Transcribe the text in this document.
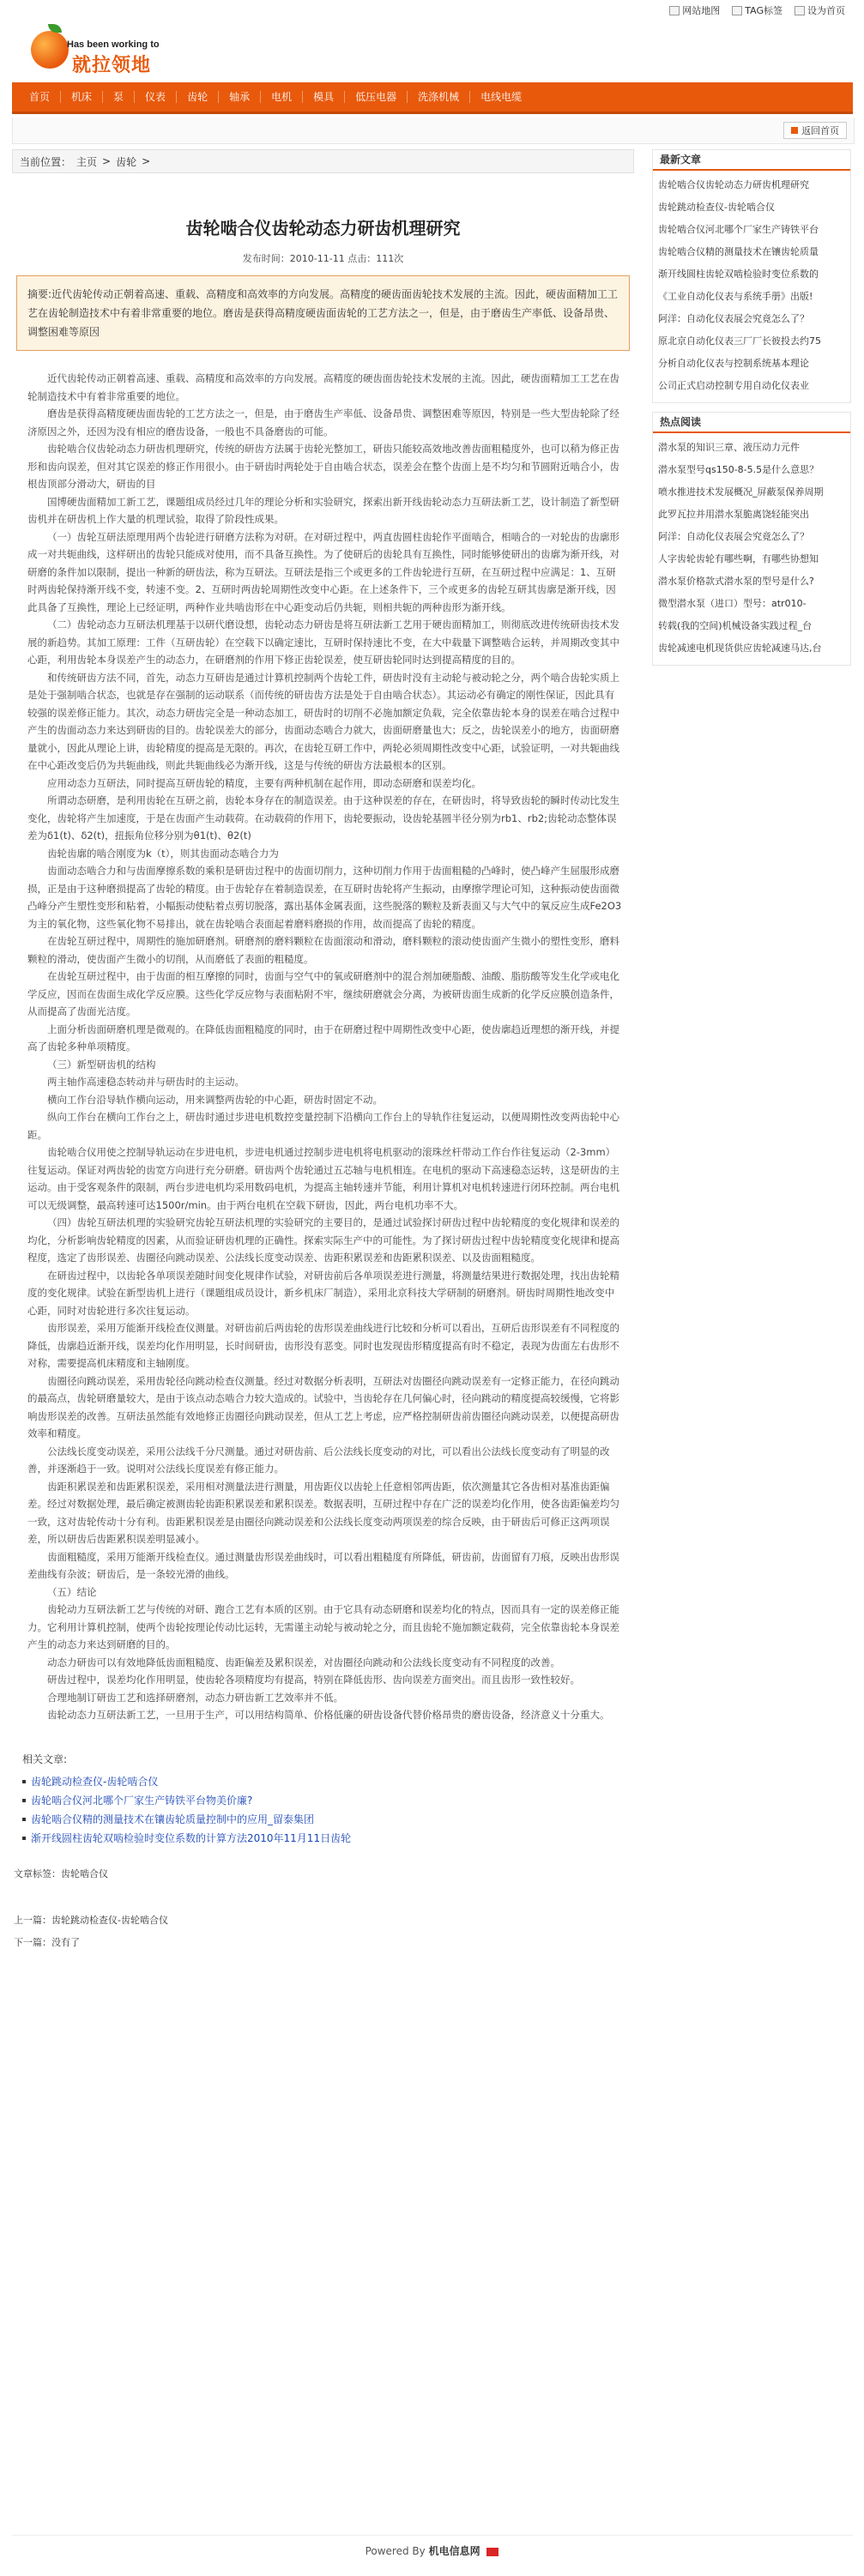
网站地图	TAG标签	设为首页
Has been working to
就拉领地
首页	机床	泵	仪表	齿轮	轴承	电机	模具	低压电器	洗涤机械	电线电缆
返回首页
当前位置： 主页 > 齿轮 >
齿轮啮合仪齿轮动态力研齿机理研究
发布时间：2010-11-11 点击：111次
摘要:近代齿轮传动正朝着高速、重载、高精度和高效率的方向发展。高精度的硬齿面齿轮技术发展的主流。因此，硬齿面精加工工艺在齿轮制造技术中有着非常重要的地位。磨齿是获得高精度硬齿面齿轮的工艺方法之一，但是，由于磨齿生产率低、设备昂贵、调整困难等原因

近代齿轮传动正朝着高速、重载、高精度和高效率的方向发展。高精度的硬齿面齿轮技术发展的主流。因此，硬齿面精加工工艺在齿轮制造技术中有着非常重要的地位。

磨齿是获得高精度硬齿面齿轮的工艺方法之一，但是，由于磨齿生产率低、设备昂贵、调整困难等原因，特别是一些大型齿轮除了经济原因之外，还因为没有相应的磨齿设备，一般也不具备磨齿的可能。

齿轮啮合仪齿轮动态力研齿机理研究，传统的研齿方法属于齿轮光整加工，研齿只能较高效地改善齿面粗糙度外，也可以稍为修正齿形和齿向误差，但对其它误差的修正作用很小。由于研齿时两轮处于自由啮合状态，误差会在整个齿面上是不均匀和节圆附近啮合小，齿根齿顶部分滑动大，研齿的目

国博硬齿面精加工新工艺，课题组成员经过几年的理论分析和实验研究，探索出新开线齿轮动态力互研法新工艺，设计制造了新型研齿机并在研齿机上作大量的机理试验，取得了阶段性成果。

（一）齿轮互研法原理用两个齿轮进行研磨方法称为对研。在对研过程中，两直齿圆柱齿轮作平面啮合，相啮合的一对轮齿的齿廓形成一对共轭曲线，这样研出的齿轮只能成对使用，而不具备互换性。为了使研后的齿轮具有互换性，同时能够使研出的齿廓为渐开线，对研磨的条件加以限制，提出一种新的研齿法，称为互研法。互研法是指三个或更多的工件齿轮进行互研，在互研过程中应满足：1、互研时两齿轮保持渐开线不变，转速不变。2、互研时两齿轮周期性改变中心距。在上述条件下，三个或更多的齿轮互研其齿廓是渐开线，因此具备了互换性，理论上已经证明，两种作业共啮齿形在中心距变动后仍共轭，则相共轭的两种齿形为渐开线。

（二）齿轮动态力互研法机理基于以研代磨设想，齿轮动态力研齿是将互研法新工艺用于硬齿面精加工，则彻底改进传统研齿技术发展的新趋势。其加工原理：工件（互研齿轮）在空载下以确定速比，互研时保持速比不变，在大中载量下调整啮合运转，并周期改变其中心距，利用齿轮本身误差产生的动态力，在研磨剂的作用下修正齿轮误差，使互研齿轮同时达到提高精度的目的。

和传统研齿方法不同，首先，动态力互研齿是通过计算机控制两个齿轮工件，研齿时没有主动轮与被动轮之分，两个啮合齿轮实质上是处于强制啮合状态，也就是存在强制的运动联系（而传统的研齿齿方法是处于自由啮合状态）。其运动必有确定的刚性保证，因此具有较强的误差修正能力。其次，动态力研齿完全是一种动态加工，研齿时的切削不必施加额定负载，完全依靠齿轮本身的误差在啮合过程中产生的齿面动态力来达到研齿的目的。齿轮误差大的部分，齿面动态啮合力就大，齿面研磨量也大；反之，齿轮误差小的地方，齿面研磨量就小，因此从理论上讲，齿轮精度的提高是无限的。再次，在齿轮互研工作中，两轮必须周期性改变中心距，试验证明，一对共轭曲线在中心距改变后仍为共轭曲线，则此共轭曲线必为渐开线，这是与传统的研齿方法最根本的区别。

应用动态力互研法，同时提高互研齿轮的精度，主要有两种机制在起作用，即动态研磨和误差均化。

所谓动态研磨，是利用齿轮在互研之前，齿轮本身存在的制造误差。由于这种误差的存在，在研齿时，将导致齿轮的瞬时传动比发生变化，齿轮将产生加速度，于是在齿面产生动载荷。在动载荷的作用下，齿轮要振动，设齿轮基圆半径分别为rb1、rb2;齿轮动态整体误差为δ1(t)、δ2(t)，扭振角位移分别为θ1(t)、θ2(t)

齿轮齿廓的啮合刚度为k（t），则其齿面动态啮合力为

齿面动态啮合力和与齿面摩擦系数的乘积是研齿过程中的齿面切削力，这种切削力作用于齿面粗糙的凸峰时，使凸峰产生屈服形成磨损，正是由于这种磨损提高了齿轮的精度。由于齿轮存在着制造误差，在互研时齿轮将产生振动，由摩擦学理论可知，这种振动使齿面微凸峰分产生塑性变形和粘着，小幅振动使粘着点剪切脱落，露出基体金属表面，这些脱落的颗粒及新表面又与大气中的氧反应生成Fe2O3为主的氧化物，这些氧化物不易排出，就在齿轮啮合表面起着磨料磨损的作用，故而提高了齿轮的精度。

在齿轮互研过程中，周期性的施加研磨剂。研磨剂的磨料颗粒在齿面滚动和滑动，磨料颗粒的滚动使齿面产生微小的塑性变形，磨料颗粒的滑动，使齿面产生微小的切削，从而磨低了表面的粗糙度。

在齿轮互研过程中，由于齿面的相互摩擦的同时，齿面与空气中的氧或研磨剂中的混合剂加硬脂酸、油酸、脂肪酸等发生化学或电化学反应，因而在齿面生成化学反应膜。这些化学反应物与表面粘附不牢，继续研磨就会分离，为被研齿面生成新的化学反应膜创造条件，从而提高了齿面光洁度。

上面分析齿面研磨机理是微观的。在降低齿面粗糙度的同时，由于在研磨过程中周期性改变中心距，使齿廓趋近理想的渐开线，并提高了齿轮多种单项精度。

（三）新型研齿机的结构

两主轴作高速稳态转动并与研齿时的主运动。

横向工作台沿导轨作横向运动，用来调整两齿轮的中心距，研齿时固定不动。

纵向工作台在横向工作台之上，研齿时通过步进电机数控变量控制下沿横向工作台上的导轨作往复运动，以便周期性改变两齿轮中心距。

齿轮啮合仪用使之控制导轨运动在步进电机，步进电机通过控制步进电机将电机驱动的滚珠丝杆带动工作台作往复运动（2-3mm）往复运动。保证对两齿轮的齿宽方向进行充分研磨。研齿两个齿轮通过五芯轴与电机相连。在电机的驱动下高速稳态运转，这是研齿的主运动。由于受客观条件的限制，两台步进电机均采用数码电机，为提高主轴转速并节能，利用计算机对电机转速进行闭环控制。两台电机可以无级调整，最高转速可达1500r/min。由于两台电机在空载下研齿，因此，两台电机功率不大。

（四）齿轮互研法机理的实验研究齿轮互研法机理的实验研究的主要目的，是通过试验探讨研齿过程中齿轮精度的变化规律和误差的均化，分析影响齿轮精度的因素，从而验证研齿机理的正确性。探索实际生产中的可能性。为了探讨研齿过程中齿轮精度变化规律和提高程度，选定了齿形误差、齿圈径向跳动误差、公法线长度变动误差、齿距积累误差和齿距累积误差、以及齿面粗糙度。

在研齿过程中，以齿轮各单项误差随时间变化规律作试验，对研齿前后各单项误差进行测量，将测量结果进行数据处理，找出齿轮精度的变化规律。试验在新型齿机上进行（课题组成员设计，新乡机床厂制造），采用北京科技大学研制的研磨剂。研齿时周期性地改变中心距，同时对齿轮进行多次往复运动。

齿形误差，采用万能渐开线检查仪测量。对研齿前后两齿轮的齿形误差曲线进行比较和分析可以看出，互研后齿形误差有不同程度的降低，齿廓趋近渐开线，误差均化作用明显，长时间研齿，齿形没有恶变。同时也发现齿形精度提高有时不稳定，表现为齿面左右齿形不对称，需要提高机床精度和主轴刚度。

齿圈径向跳动误差，采用齿轮径向跳动检查仪测量。经过对数据分析表明，互研法对齿圈径向跳动误差有一定修正能力，在径向跳动的最高点，齿轮研磨量较大，是由于该点动态啮合力较大造成的。试验中，当齿轮存在几何偏心时，径向跳动的精度提高较缓慢，它将影响齿形误差的改善。互研法虽然能有效地修正齿圈径向跳动误差，但从工艺上考虑，应严格控制研齿前齿圈径向跳动误差，以便提高研齿效率和精度。

公法线长度变动误差，采用公法线千分尺测量。通过对研齿前、后公法线长度变动的对比，可以看出公法线长度变动有了明显的改善，并逐渐趋于一致。说明对公法线长度误差有修正能力。

齿距积累误差和齿距累积误差，采用相对测量法进行测量，用齿距仪以齿轮上任意相邻两齿距，依次测量其它各齿相对基准齿距偏差。经过对数据处理，最后确定被测齿轮齿距积累误差和累积误差。数据表明，互研过程中存在广泛的误差均化作用，使各齿距偏差均匀一致，这对齿轮传动十分有利。齿距累积误差是由圈径向跳动误差和公法线长度变动两项误差的综合反映，由于研齿后可修正这两项误差，所以研齿后齿距累积误差明显减小。

齿面粗糙度，采用万能渐开线检查仪。通过测量齿形误差曲线时，可以看出粗糙度有所降低，研齿前，齿面留有刀痕，反映出齿形误差曲线有杂波；研齿后，是一条较光滑的曲线。

（五）结论

齿轮动力互研法新工艺与传统的对研、跑合工艺有本质的区别。由于它具有动态研磨和误差均化的特点，因而具有一定的误差修正能力。它利用计算机控制，使两个齿轮按理论传动比运转，无需谨主动轮与被动轮之分，而且齿轮不施加额定载荷，完全依靠齿轮本身误差产生的动态力来达到研磨的目的。

动态力研齿可以有效地降低齿面粗糙度、齿距偏差及累积误差，对齿圈径向跳动和公法线长度变动有不同程度的改善。

研齿过程中，误差均化作用明显，使齿轮各项精度均有提高，特别在降低齿形、齿向误差方面突出。而且齿形一致性较好。

合理地制订研齿工艺和选择研磨剂，动态力研齿新工艺效率并不低。

齿轮动态力互研法新工艺，一旦用于生产，可以用结构简单、价格低廉的研齿设备代替价格昂贵的磨齿设备，经济意义十分重大。

相关文章:
齿轮跳动检查仪-齿轮啮合仪
齿轮啮合仪河北哪个厂家生产铸铁平台物美价廉?
齿轮啮合仪精的测量技术在镶齿轮质量控制中的应用_留泰集团
渐开线圆柱齿轮双啮检验时变位系数的计算方法2010年11月11日齿轮
文章标签：齿轮啮合仪
上一篇：齿轮跳动检查仪-齿轮啮合仪
下一篇：没有了
最新文章
齿轮啮合仪齿轮动态力研齿机理研究
齿轮跳动检查仪-齿轮啮合仪
齿轮啮合仪河北哪个厂家生产铸铁平台
齿轮啮合仪精的测量技术在镶齿轮质量
渐开线圆柱齿轮双啮检验时变位系数的
《工业自动化仪表与系统手册》出版!
阿洋：自动化仪表展会究竟怎么了？
原北京自动化仪表三厂厂长彼投去约75
分析自动化仪表与控制系统基本理论
公司正式启动控制专用自动化仪表业
热点阅读
潜水泵的知识三章、液压动力元件
潜水泵型号qs150-8-5.5是什么意思？
喷水推进技术发展概况_屏蔽泵保养周期
此罗瓦拉并用潜水泵脆离饶轻能突出
阿洋：自动化仪表展会究竟怎么了？
人字齿轮齿轮有哪些啊，有哪些协想知
潜水泵价格款式潜水泵的型号是什么?
微型潜水泵（进口）型号：atr010-
转载(我的空间)机械设备实践过程_台
齿轮减速电机现货供应齿轮减速马达,台
Powered By 机电信息网
